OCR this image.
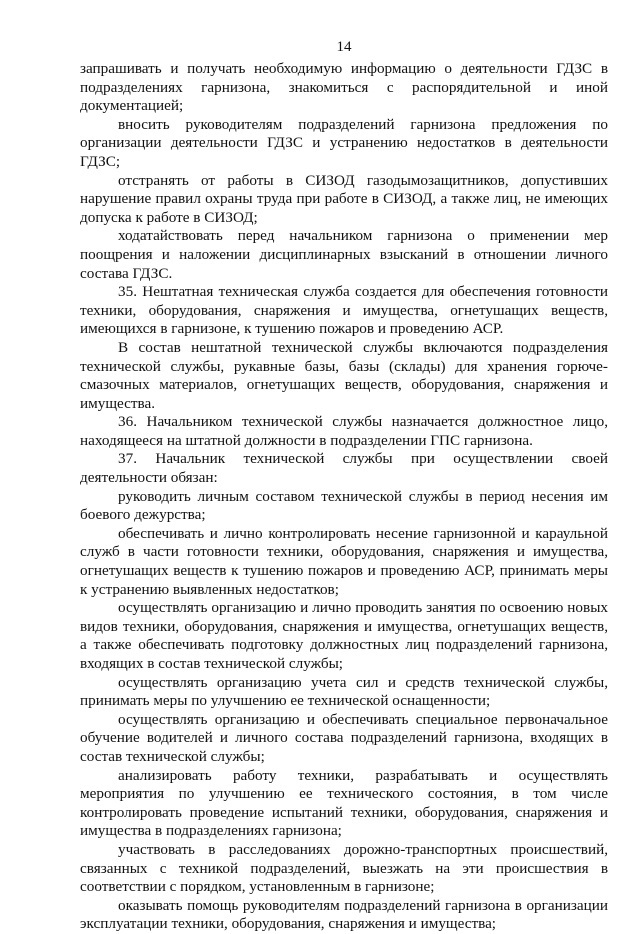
14

запрашивать и получать необходимую информацию о деятельности ГДЗС в подразделениях гарнизона, знакомиться с распорядительной и иной документацией;

вносить руководителям подразделений гарнизона предложения по организации деятельности ГДЗС и устранению недостатков в деятельности ГДЗС;

отстранять от работы в СИЗОД газодымозащитников, допустивших нарушение правил охраны труда при работе в СИЗОД, а также лиц, не имеющих допуска к работе в СИЗОД;

ходатайствовать перед начальником гарнизона о применении мер поощрения и наложении дисциплинарных взысканий в отношении личного состава ГДЗС.

35. Нештатная техническая служба создается для обеспечения готовности техники, оборудования, снаряжения и имущества, огнетушащих веществ, имеющихся в гарнизоне, к тушению пожаров и проведению АСР.

В состав нештатной технической службы включаются подразделения технической службы, рукавные базы, базы (склады) для хранения горюче-смазочных материалов, огнетушащих веществ, оборудования, снаряжения и имущества.

36. Начальником технической службы назначается должностное лицо, находящееся на штатной должности в подразделении ГПС гарнизона.

37. Начальник технической службы при осуществлении своей деятельности обязан:

руководить личным составом технической службы в период несения им боевого дежурства;

обеспечивать и лично контролировать несение гарнизонной и караульной служб в части готовности техники, оборудования, снаряжения и имущества, огнетушащих веществ к тушению пожаров и проведению АСР, принимать меры к устранению выявленных недостатков;

осуществлять организацию и лично проводить занятия по освоению новых видов техники, оборудования, снаряжения и имущества, огнетушащих веществ, а также обеспечивать подготовку должностных лиц подразделений гарнизона, входящих в состав технической службы;

осуществлять организацию учета сил и средств технической службы, принимать меры по улучшению ее технической оснащенности;

осуществлять организацию и обеспечивать специальное первоначальное обучение водителей и личного состава подразделений гарнизона, входящих в состав технической службы;

анализировать работу техники, разрабатывать и осуществлять мероприятия по улучшению ее технического состояния, в том числе контролировать проведение испытаний техники, оборудования, снаряжения и имущества в подразделениях гарнизона;

участвовать в расследованиях дорожно-транспортных происшествий, связанных с техникой подразделений, выезжать на эти происшествия в соответствии с порядком, установленным в гарнизоне;

оказывать помощь руководителям подразделений гарнизона в организации эксплуатации техники, оборудования, снаряжения и имущества;
